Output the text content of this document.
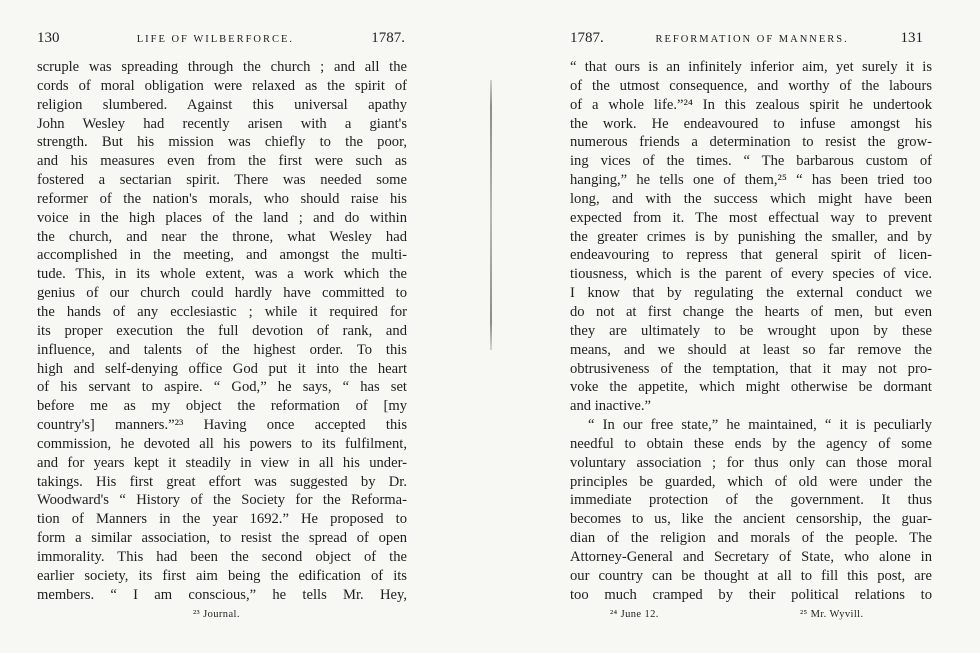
130	LIFE OF WILBERFORCE.	1787.
scruple was spreading through the church ; and all the
cords of moral obligation were relaxed as the spirit of
religion slumbered. Against this universal apathy
John Wesley had recently arisen with a giant's
strength. But his mission was chiefly to the poor,
and his measures even from the first were such as
fostered a sectarian spirit. There was needed some
reformer of the nation's morals, who should raise his
voice in the high places of the land ; and do within
the church, and near the throne, what Wesley had
accomplished in the meeting, and amongst the multi-
tude. This, in its whole extent, was a work which the
genius of our church could hardly have committed to
the hands of any ecclesiastic ; while it required for
its proper execution the full devotion of rank, and
influence, and talents of the highest order. To this
high and self-denying office God put it into the heart
of his servant to aspire. “ God,” he says, “ has set
before me as my object the reformation of [my
country's] manners.”²³ Having once accepted this
commission, he devoted all his powers to its fulfilment,
and for years kept it steadily in view in all his under-
takings. His first great effort was suggested by Dr.
Woodward's “ History of the Society for the Reforma-
tion of Manners in the year 1692.” He proposed to
form a similar association, to resist the spread of open
immorality. This had been the second object of the
earlier society, its first aim being the edification of its
members. “ I am conscious,” he tells Mr. Hey,
²³ Journal.
1787.	REFORMATION OF MANNERS.	131
“ that ours is an infinitely inferior aim, yet surely it is
of the utmost consequence, and worthy of the labours
of a whole life.”²⁴ In this zealous spirit he undertook
the work. He endeavoured to infuse amongst his
numerous friends a determination to resist the grow-
ing vices of the times. “ The barbarous custom of
hanging,” he tells one of them,²⁵ “ has been tried too
long, and with the success which might have been
expected from it. The most effectual way to prevent
the greater crimes is by punishing the smaller, and by
endeavouring to repress that general spirit of licen-
tiousness, which is the parent of every species of vice.
I know that by regulating the external conduct we
do not at first change the hearts of men, but even
they are ultimately to be wrought upon by these
means, and we should at least so far remove the
obtrusiveness of the temptation, that it may not pro-
voke the appetite, which might otherwise be dormant
and inactive.”
“ In our free state,” he maintained, “ it is peculiarly
needful to obtain these ends by the agency of some
voluntary association ; for thus only can those moral
principles be guarded, which of old were under the
immediate protection of the government. It thus
becomes to us, like the ancient censorship, the guar-
dian of the religion and morals of the people. The
Attorney-General and Secretary of State, who alone in
our country can be thought at all to fill this post, are
too much cramped by their political relations to
²⁴ June 12.	²⁵ Mr. Wyvill.
